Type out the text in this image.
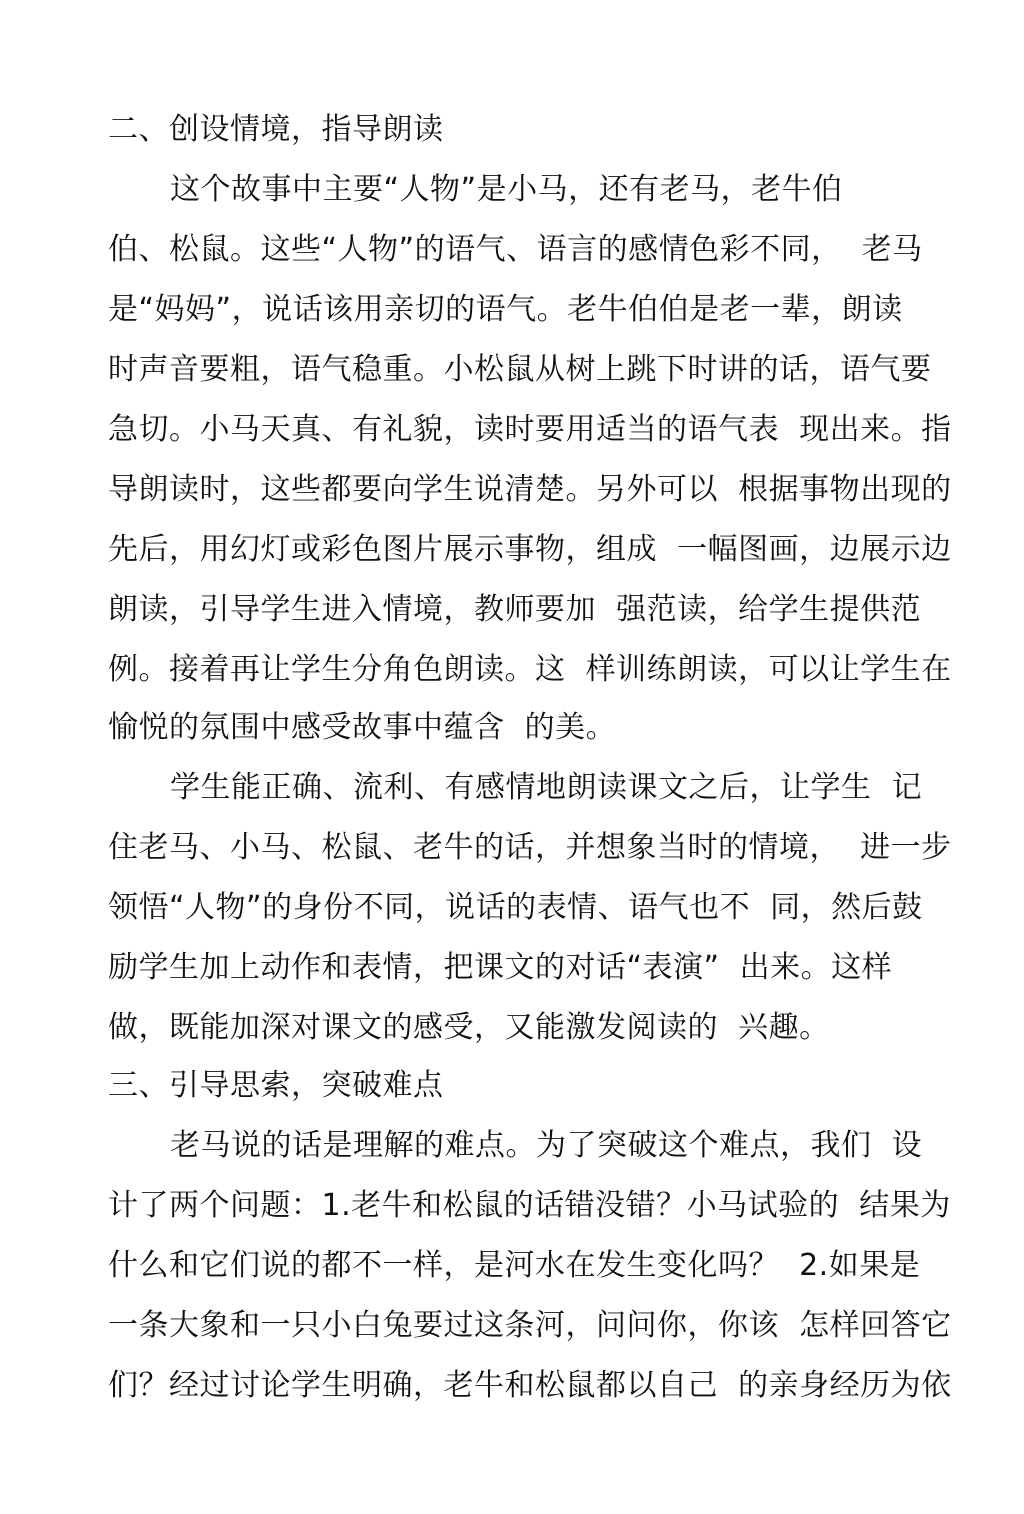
二、创设情境，指导朗读
这个故事中主要“人物”是小马，还有老马，老牛伯
伯、松鼠。这些“人物”的语气、语言的感情色彩不同，  老马
是“妈妈”，说话该用亲切的语气。老牛伯伯是老一辈，朗读
时声音要粗，语气稳重。小松鼠从树上跳下时讲的话，语气要
急切。小马天真、有礼貌，读时要用适当的语气表  现出来。指
导朗读时，这些都要向学生说清楚。另外可以  根据事物出现的
先后，用幻灯或彩色图片展示事物，组成  一幅图画，边展示边
朗读，引导学生进入情境，教师要加  强范读，给学生提供范
例。接着再让学生分角色朗读。这  样训练朗读，可以让学生在
愉悦的氛围中感受故事中蕴含  的美。
学生能正确、流利、有感情地朗读课文之后，让学生  记
住老马、小马、松鼠、老牛的话，并想象当时的情境，  进一步
领悟“人物”的身份不同，说话的表情、语气也不  同，然后鼓
励学生加上动作和表情，把课文的对话“表演”  出来。这样
做，既能加深对课文的感受，又能激发阅读的  兴趣。
三、引导思索，突破难点
老马说的话是理解的难点。为了突破这个难点，我们  设
计了两个问题：1.老牛和松鼠的话错没错？小马试验的  结果为
什么和它们说的都不一样，是河水在发生变化吗？  2.如果是
一条大象和一只小白兔要过这条河，问问你，你该  怎样回答它
们？经过讨论学生明确，老牛和松鼠都以自己  的亲身经历为依
